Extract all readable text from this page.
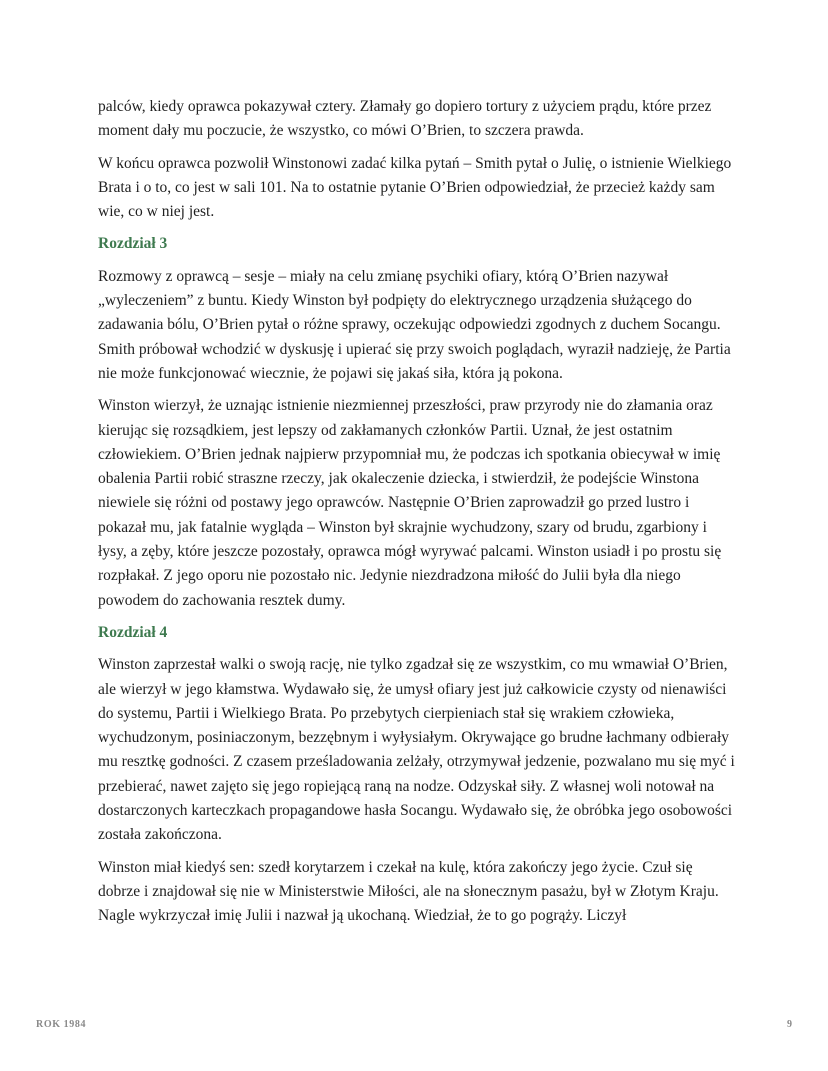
palców, kiedy oprawca pokazywał cztery. Złamały go dopiero tortury z użyciem prądu, które przez moment dały mu poczucie, że wszystko, co mówi O’Brien, to szczera prawda.

W końcu oprawca pozwolił Winstonowi zadać kilka pytań – Smith pytał o Julię, o istnienie Wielkiego Brata i o to, co jest w sali 101. Na to ostatnie pytanie O’Brien odpowiedział, że przecież każdy sam wie, co w niej jest.

Rozdział 3

Rozmowy z oprawcą – sesje – miały na celu zmianę psychiki ofiary, którą O’Brien nazywał „wyleczeniem” z buntu. Kiedy Winston był podpięty do elektrycznego urządzenia służącego do zadawania bólu, O’Brien pytał o różne sprawy, oczekując odpowiedzi zgodnych z duchem Socangu. Smith próbował wchodzić w dyskusję i upierać się przy swoich poglądach, wyraził nadzieję, że Partia nie może funkcjonować wiecznie, że pojawi się jakaś siła, która ją pokona.

Winston wierzył, że uznając istnienie niezmiennej przeszłości, praw przyrody nie do złamania oraz kierując się rozsądkiem, jest lepszy od zakłamanych członków Partii. Uznał, że jest ostatnim człowiekiem. O’Brien jednak najpierw przypomniał mu, że podczas ich spotkania obiecywał w imię obalenia Partii robić straszne rzeczy, jak okaleczenie dziecka, i stwierdził, że podejście Winstona niewiele się różni od postawy jego oprawców. Następnie O’Brien zaprowadził go przed lustro i pokazał mu, jak fatalnie wygląda – Winston był skrajnie wychudzony, szary od brudu, zgarbiony i łysy, a zęby, które jeszcze pozostały, oprawca mógł wyrywać palcami. Winston usiadł i po prostu się rozpłakał. Z jego oporu nie pozostało nic. Jedynie niezdradzona miłość do Julii była dla niego powodem do zachowania resztek dumy.

Rozdział 4

Winston zaprzestał walki o swoją rację, nie tylko zgadzał się ze wszystkim, co mu wmawiał O’Brien, ale wierzył w jego kłamstwa. Wydawało się, że umysł ofiary jest już całkowicie czysty od nienawiści do systemu, Partii i Wielkiego Brata. Po przebytych cierpieniach stał się wrakiem człowieka, wychudzonym, posiniaczonym, bezzębnym i wyłysiałym. Okrywające go brudne łachmany odbierały mu resztkę godności. Z czasem prześladowania zelżały, otrzymywał jedzenie, pozwalano mu się myć i przebierać, nawet zajęto się jego ropiejącą raną na nodze. Odzyskał siły. Z własnej woli notował na dostarczonych karteczkach propagandowe hasła Socangu. Wydawało się, że obróbka jego osobowości została zakończona.

Winston miał kiedyś sen: szedł korytarzem i czekał na kulę, która zakończy jego życie. Czuł się dobrze i znajdował się nie w Ministerstwie Miłości, ale na słonecznym pasażu, był w Złotym Kraju. Nagle wykrzyczał imię Julii i nazwał ją ukochaną. Wiedział, że to go pogrąży. Liczył

ROK 1984	9
